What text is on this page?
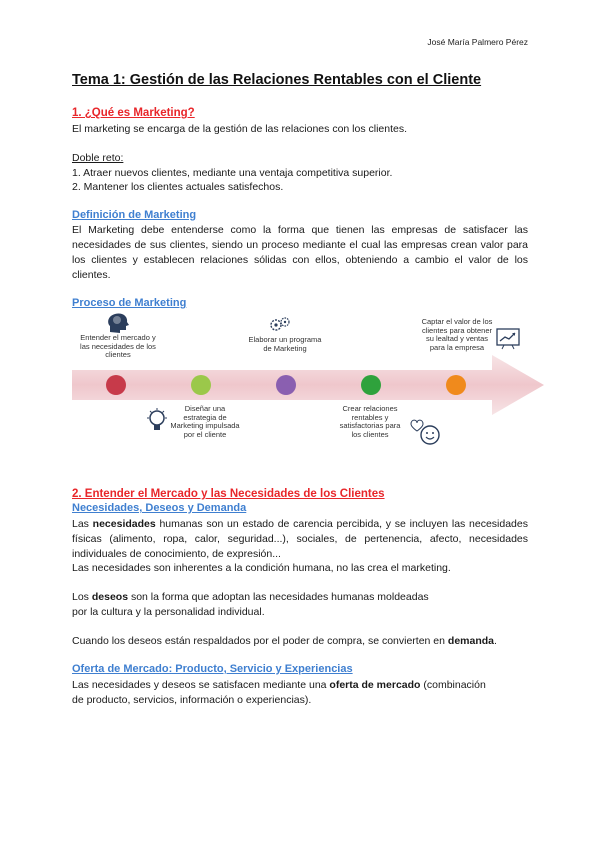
José María Palmero Pérez
Tema 1: Gestión de las Relaciones Rentables con el Cliente
1. ¿Qué es Marketing?
El marketing se encarga de la gestión de las relaciones con los clientes.
Doble reto:
1. Atraer nuevos clientes, mediante una ventaja competitiva superior.
2. Mantener los clientes actuales satisfechos.
Definición de Marketing
El Marketing debe entenderse como la forma que tienen las empresas de satisfacer las necesidades de sus clientes, siendo un proceso mediante el cual las empresas crean valor para los clientes y establecen relaciones sólidas con ellos, obteniendo a cambio el valor de los clientes.
Proceso de Marketing
Entender el mercado y las necesidades de los clientes
Diseñar una estrategia de Marketing impulsada por el cliente
Elaborar un programa de Marketing
Crear relaciones rentables y satisfactorias para los clientes
Captar el valor de los clientes para obtener su lealtad y ventas para la empresa
2. Entender el Mercado y las Necesidades de los Clientes
Necesidades, Deseos y Demanda
Las necesidades humanas son un estado de carencia percibida, y se incluyen las necesidades físicas (alimento, ropa, calor, seguridad...), sociales, de pertenencia, afecto, necesidades individuales de conocimiento, de expresión...
Las necesidades son inherentes a la condición humana, no las crea el marketing.
Los deseos son la forma que adoptan las necesidades humanas moldeadas
por la cultura y la personalidad individual.
Cuando los deseos están respaldados por el poder de compra, se convierten en demanda.
Oferta de Mercado: Producto, Servicio y Experiencias
Las necesidades y deseos se satisfacen mediante una oferta de mercado (combinación
de producto, servicios, información o experiencias).
